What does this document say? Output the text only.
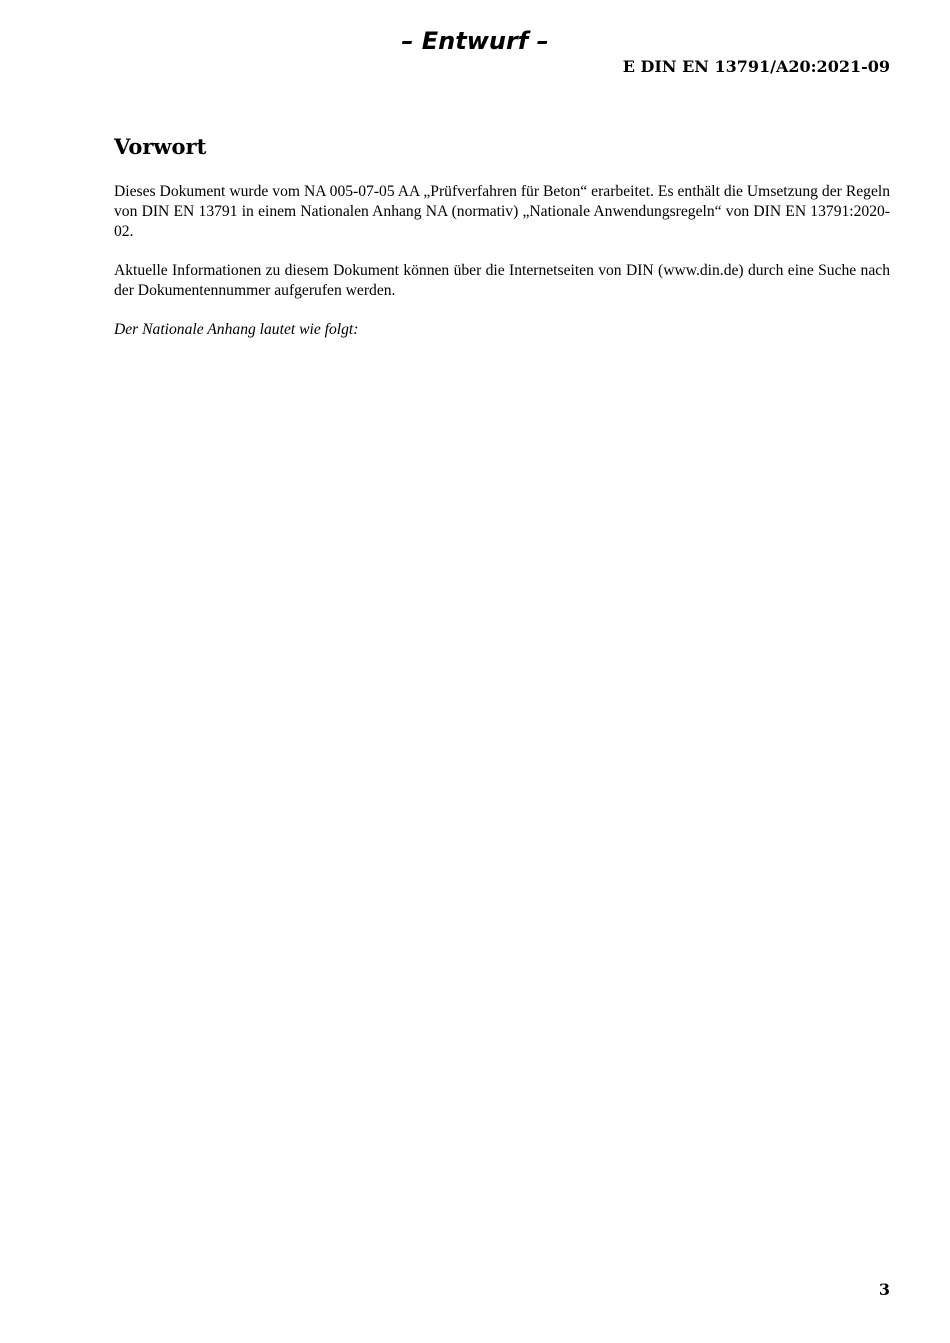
– Entwurf –
E DIN EN 13791/A20:2021-09
Vorwort

Dieses Dokument wurde vom NA 005-07-05 AA „Prüfverfahren für Beton“ erarbeitet. Es enthält die Umsetzung der Regeln von DIN EN 13791 in einem Nationalen Anhang NA (normativ) „Nationale Anwendungsregeln“ von DIN EN 13791:2020-02.

Aktuelle Informationen zu diesem Dokument können über die Internetseiten von DIN (www.din.de) durch eine Suche nach der Dokumentennummer aufgerufen werden.

Der Nationale Anhang lautet wie folgt:

3
